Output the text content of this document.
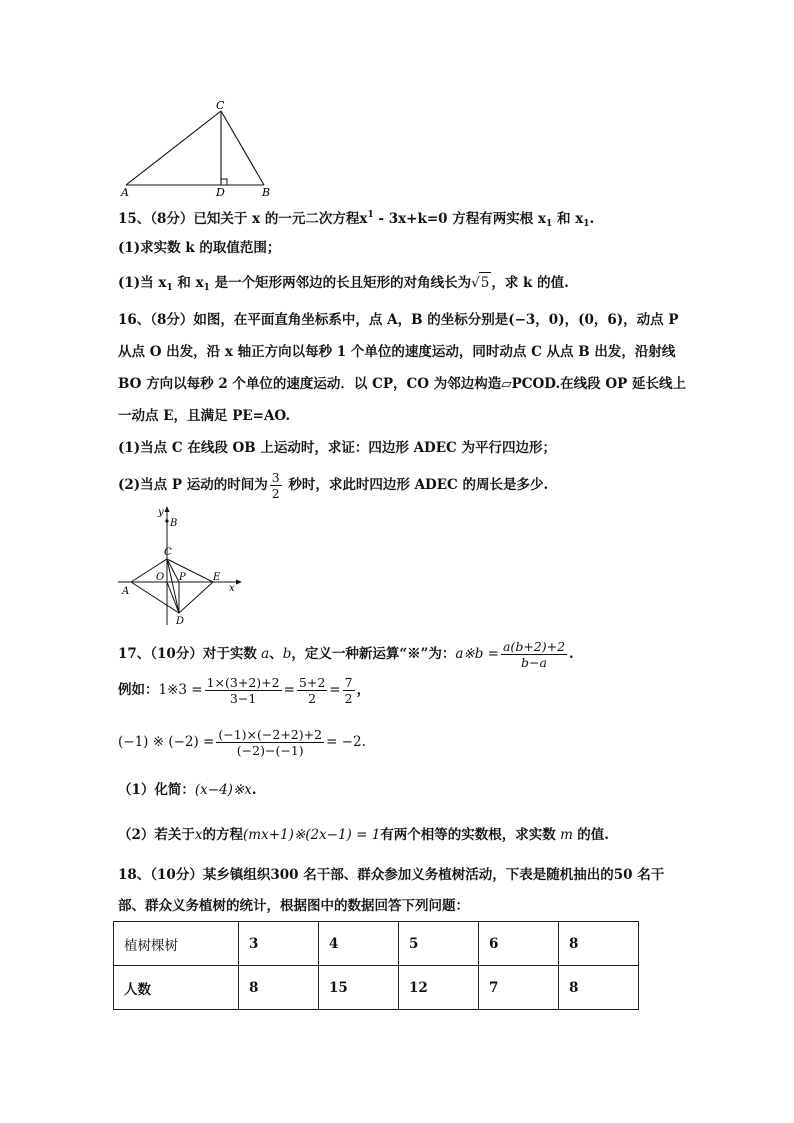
C
A	D	B
15、（8分）已知关于 x 的一元二次方程$x^1 - 3x+k=0$ 方程有两实根 $x_1$ 和 $x_1$.
(1)求实数 k 的取值范围；
(1)当 $x_1$ 和 $x_1$ 是一个矩形两邻边的长且矩形的对角线长为√5 ，求 k 的值.
16、（8分）如图，在平面直角坐标系中，点 A，B 的坐标分别是(−3，0)，(0，6)，动点 P
从点 O 出发，沿 x 轴正方向以每秒 1 个单位的速度运动，同时动点 C 从点 B 出发，沿射线
BO 方向以每秒 2 个单位的速度运动．以 CP，CO 为邻边构造▱PCOD.在线段 OP 延长线上
一动点 E，且满足 PE=AO.
(1)当点 C 在线段 OB 上运动时，求证：四边形 ADEC 为平行四边形；
(2)当点 P 运动的时间为 $\frac{3}{2}$ 秒时，求此时四边形 ADEC 的周长是多少.
y
B
C
O P	E
x
A
D
17、（10分）对于实数 a、b，定义一种新运算“※”为：a※b = $\frac{a(b+2)+2}{b-a}$ .
例如：1※3 = $\frac{1\times(3+2)+2}{3-1} = \frac{5+2}{2} = \frac{7}{2}$ ，
(−1) ※ $(-2) = \frac{(-1)\times(-2+2)+2}{(-2)-(-1)} = -2$.
（1）化简：(x−4)※x.
（2）若关于x的方程(mx+1)※(2x−1) = 1有两个相等的实数根，求实数 m 的值.
18、（10分）某乡镇组织300 名干部、群众参加义务植树活动，下表是随机抽出的50 名干
部、群众义务植树的统计，根据图中的数据回答下列问题：
植树棵树	3	4	5	6	8
人数	8	15	12	7	8
